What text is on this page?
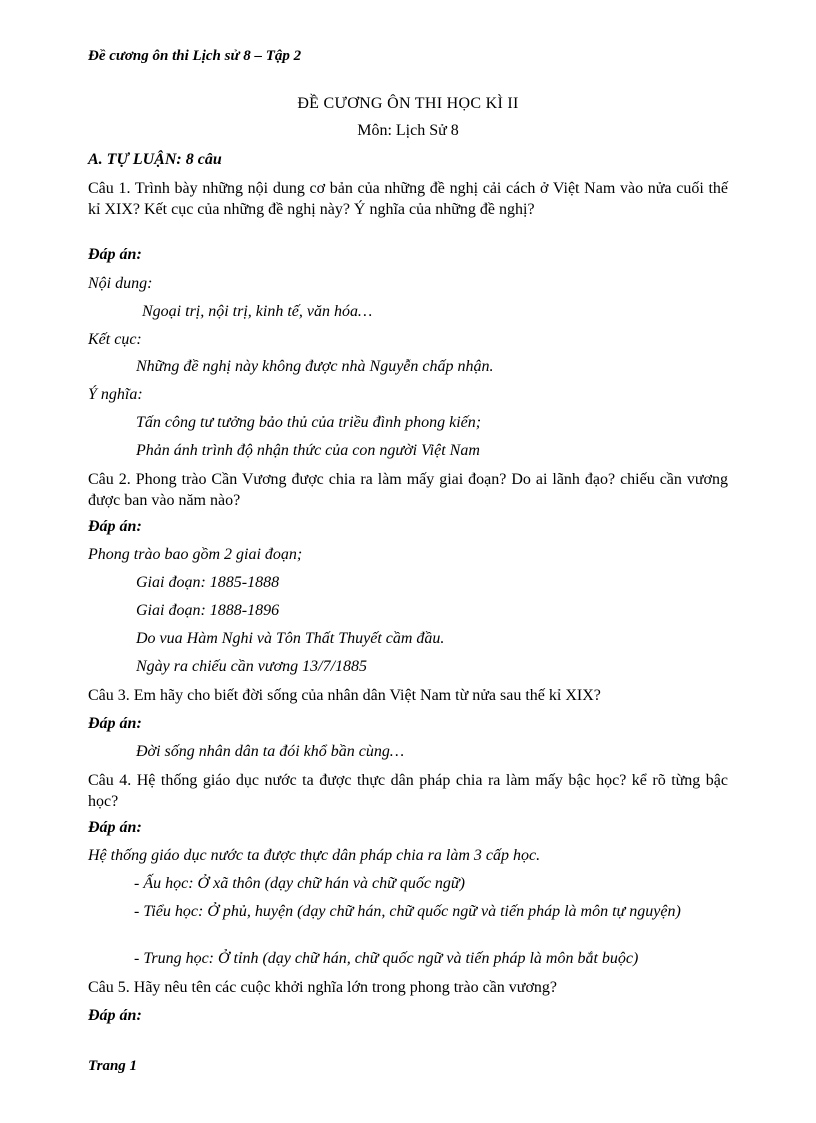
Đề cương ôn thi Lịch sử 8 – Tập 2
ĐỀ CƯƠNG ÔN THI HỌC KÌ II
Môn: Lịch Sử 8
A. TỰ LUẬN: 8 câu
Câu 1. Trình bày những nội dung cơ bản của những đề nghị cải cách ở Việt Nam vào nửa cuối thế kỉ XIX? Kết cục của những đề nghị này? Ý nghĩa của những đề nghị?
Đáp án:
Nội dung:
Ngoại trị, nội trị, kinh tế, văn hóa…
Kết cục:
Những đề nghị này không được nhà Nguyễn chấp nhận.
Ý nghĩa:
Tấn công tư tưởng bảo thủ của triều đình phong kiến;
Phản ánh trình độ nhận thức của con người Việt Nam
Câu 2. Phong trào Cần Vương được chia ra làm mấy giai đoạn? Do ai lãnh đạo? chiếu cần vương được ban vào năm nào?
Đáp án:
Phong trào bao gồm 2 giai đoạn;
Giai đoạn: 1885-1888
Giai đoạn: 1888-1896
Do vua Hàm Nghi và Tôn Thất Thuyết cầm đầu.
Ngày ra chiếu cần vương 13/7/1885
Câu 3. Em hãy cho biết đời sống của nhân dân Việt Nam từ nửa sau thế kỉ XIX?
Đáp án:
Đời sống nhân dân ta đói khổ bần cùng…
Câu 4. Hệ thống giáo dục nước ta được thực dân pháp chia ra làm mấy bậc học? kể rõ từng bậc học?
Đáp án:
Hệ thống giáo dục nước ta được thực dân pháp chia ra làm 3 cấp học.
- Ấu học: Ở xã thôn (dạy chữ hán và chữ quốc ngữ)
- Tiểu học: Ở phủ, huyện (dạy chữ hán, chữ quốc ngữ và tiến pháp là môn tự nguyện)
- Trung học: Ở tỉnh (dạy chữ hán, chữ quốc ngữ và tiến pháp là môn bắt buộc)
Câu 5. Hãy nêu tên các cuộc khởi nghĩa lớn trong phong trào cần vương?
Đáp án:
Trang 1
